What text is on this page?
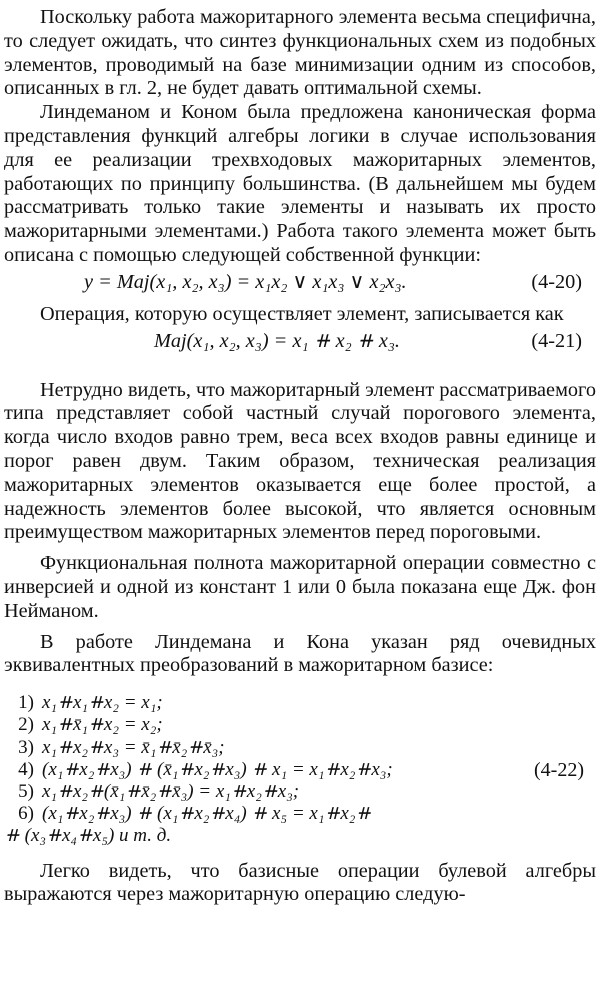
Поскольку работа мажоритарного элемента весьма специфична, то следует ожидать, что синтез функциональных схем из подобных элементов, проводимый на базе минимизации одним из способов, описанных в гл. 2, не будет давать оптимальной схемы.

Линдеманом и Коном была предложена каноническая форма представления функций алгебры логики в случае использования для ее реализации трехвходовых мажоритарных элементов, работающих по принципу большинства. (В дальнейшем мы будем рассматривать только такие элементы и называть их просто мажоритарными элементами.) Работа такого элемента может быть описана с помощью следующей собственной функции:

y = Maj(x₁, x₂, x₃) = x₁x₂ ∨ x₁x₃ ∨ x₂x₃.	(4-20)

Операция, которую осуществляет элемент, записывается как

Maj(x₁, x₂, x₃) = x₁ ⧺ x₂ ⧺ x₃.	(4-21)

Нетрудно видеть, что мажоритарный элемент рассматриваемого типа представляет собой частный случай порогового элемента, когда число входов равно трем, веса всех входов равны единице и порог равен двум. Таким образом, техническая реализация мажоритарных элементов оказывается еще более простой, а надежность элементов более высокой, что является основным преимуществом мажоритарных элементов перед пороговыми.

Функциональная полнота мажоритарной операции совместно с инверсией и одной из констант 1 или 0 была показана еще Дж. фон Нейманом.

В работе Линдемана и Кона указан ряд очевидных эквивалентных преобразований в мажоритарном базисе:

1) x₁⧺x₁⧺x₂ = x₁;
2) x₁⧺x̄₁⧺x₂ = x₂;
3) x₁⧺x₂⧺x₃ = x̄₁⧺x̄₂⧺x̄₃;
4) (x₁⧺x₂⧺x₃) ⧺ (x̄₁⧺x₂⧺x₃) ⧺ x₁ = x₁⧺x₂⧺x₃;
5) x₁⧺x₂⧺(x̄₁⧺x̄₂⧺x̄₃) = x₁⧺x₂⧺x₃;
6) (x₁⧺x₂⧺x₃) ⧺ (x₁⧺x₂⧺x₄) ⧺ x₅ = x₁⧺x₂⧺
⧺ (x₃⧺x₄⧺x₅) и т. д.
(4-22)

Легко видеть, что базисные операции булевой алгебры выражаются через мажоритарную операцию следую-
